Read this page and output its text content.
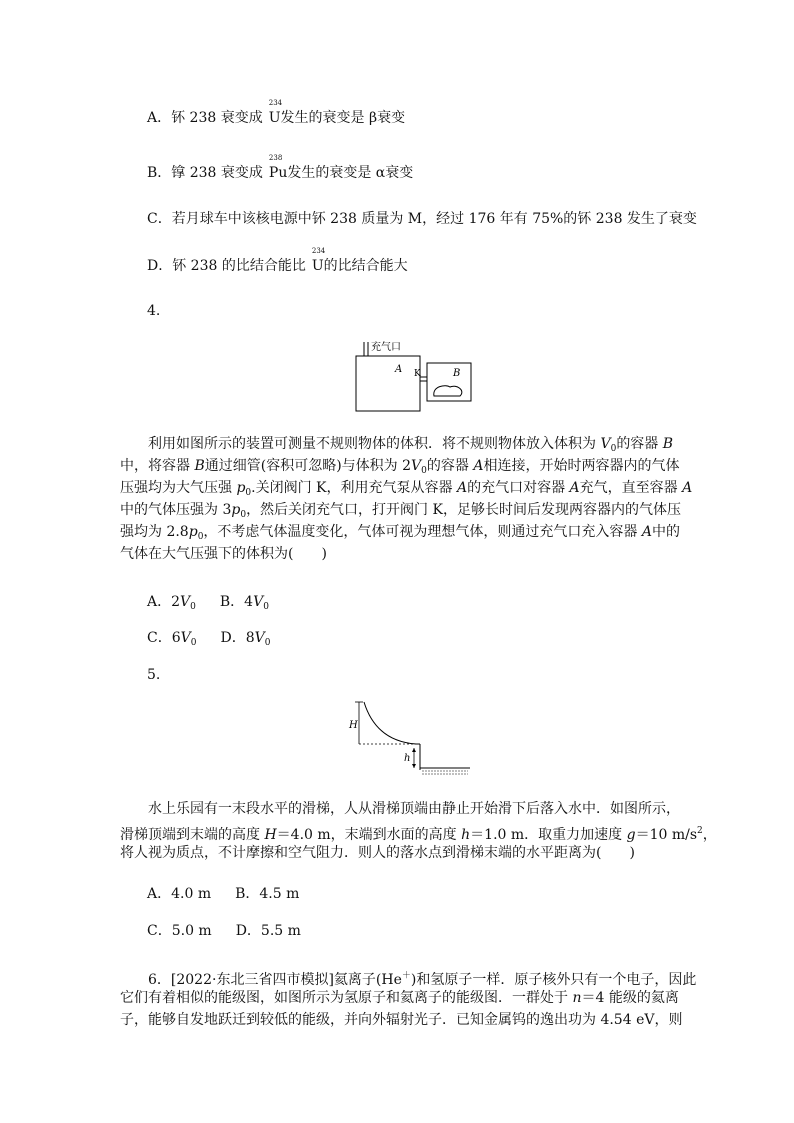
A．钚 238 衰变成
234
U发生的衰变是 β衰变
B．镎 238 衰变成
238
Pu发生的衰变是 α衰变
C．若月球车中该核电源中钚 238 质量为 M，经过 176 年有 75%的钚 238 发生了衰变
D．钚 238 的比结合能比
234
U的比结合能大
4.
充气口
A K	B
利用如图所示的装置可测量不规则物体的体积．将不规则物体放入体积为 $V_0$的容器 B
中，将容器 B通过细管(容积可忽略)与体积为 $2V_0$的容器 A相连接，开始时两容器内的气体
压强均为大气压强 $p_0$.关闭阀门 K，利用充气泵从容器 A的充气口对容器 A充气，直至容器 A
中的气体压强为 $3p_0$，然后关闭充气口，打开阀门 K，足够长时间后发现两容器内的气体压
强均为 $2.8p_0$，不考虑气体温度变化，气体可视为理想气体，则通过充气口充入容器 A中的
气体在大气压强下的体积为(　　)
A．$2V_0$ B．$4V_0$
C．$6V_0$ D．$8V_0$
5.
H
h
水上乐园有一末段水平的滑梯，人从滑梯顶端由静止开始滑下后落入水中．如图所示，
滑梯顶端到末端的高度 H＝4.0 m，末端到水面的高度 h＝1.0 m．取重力加速度 g＝10 $m/s^2$，
将人视为质点，不计摩擦和空气阻力．则人的落水点到滑梯末端的水平距离为(　　)
A．4.0 m B．4.5 m
C．5.0 m D．5.5 m
6．[2022·东北三省四市模拟]氦离子(He＋)和氢原子一样．原子核外只有一个电子，因此
它们有着相似的能级图，如图所示为氢原子和氦离子的能级图．一群处于 n＝4 能级的氦离
子，能够自发地跃迁到较低的能级，并向外辐射光子．已知金属钨的逸出功为 4.54 eV，则
